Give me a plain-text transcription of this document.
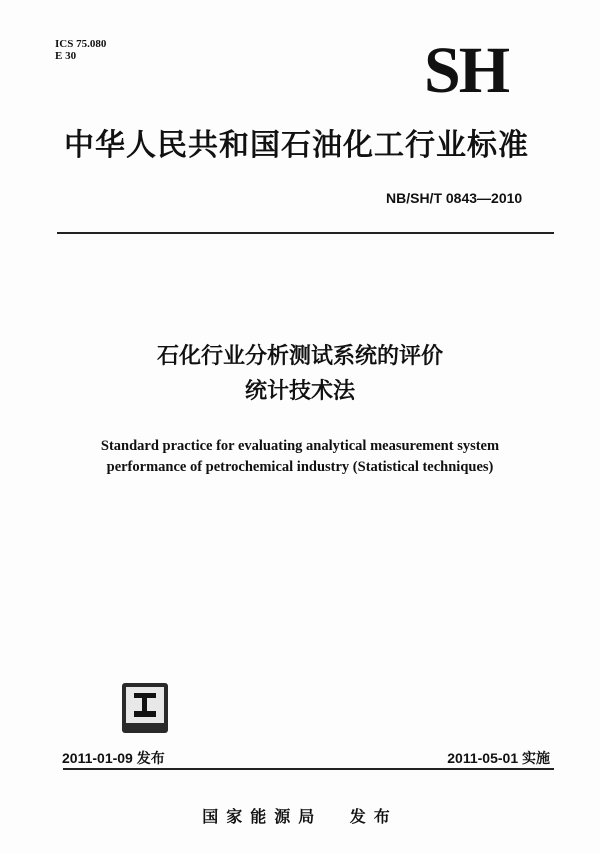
ICS 75.080
E 30	SH
中华人民共和国石油化工行业标准
NB/SH/T 0843—2010
石化行业分析测试系统的评价
统计技术法
Standard practice for evaluating analytical measurement system
performance of petrochemical industry (Statistical techniques)
2011-01-09 发布	2011-05-01 实施
国家能源局 发布
